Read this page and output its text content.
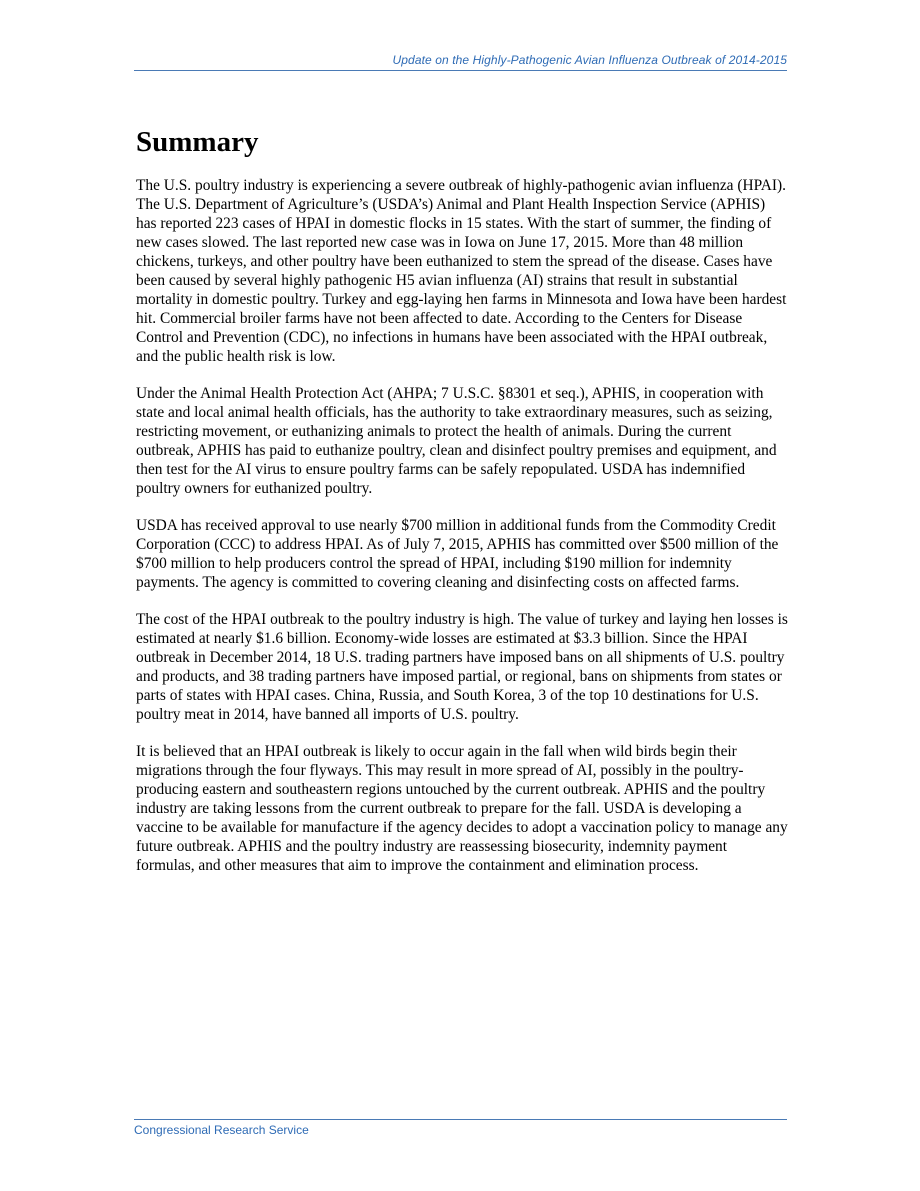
Update on the Highly-Pathogenic Avian Influenza Outbreak of 2014-2015
Summary

The U.S. poultry industry is experiencing a severe outbreak of highly-pathogenic avian influenza (HPAI). The U.S. Department of Agriculture’s (USDA’s) Animal and Plant Health Inspection Service (APHIS) has reported 223 cases of HPAI in domestic flocks in 15 states. With the start of summer, the finding of new cases slowed. The last reported new case was in Iowa on June 17, 2015. More than 48 million chickens, turkeys, and other poultry have been euthanized to stem the spread of the disease. Cases have been caused by several highly pathogenic H5 avian influenza (AI) strains that result in substantial mortality in domestic poultry. Turkey and egg-laying hen farms in Minnesota and Iowa have been hardest hit. Commercial broiler farms have not been affected to date. According to the Centers for Disease Control and Prevention (CDC), no infections in humans have been associated with the HPAI outbreak, and the public health risk is low.

Under the Animal Health Protection Act (AHPA; 7 U.S.C. §8301 et seq.), APHIS, in cooperation with state and local animal health officials, has the authority to take extraordinary measures, such as seizing, restricting movement, or euthanizing animals to protect the health of animals. During the current outbreak, APHIS has paid to euthanize poultry, clean and disinfect poultry premises and equipment, and then test for the AI virus to ensure poultry farms can be safely repopulated. USDA has indemnified poultry owners for euthanized poultry.

USDA has received approval to use nearly $700 million in additional funds from the Commodity Credit Corporation (CCC) to address HPAI. As of July 7, 2015, APHIS has committed over $500 million of the $700 million to help producers control the spread of HPAI, including $190 million for indemnity payments. The agency is committed to covering cleaning and disinfecting costs on affected farms.

The cost of the HPAI outbreak to the poultry industry is high. The value of turkey and laying hen losses is estimated at nearly $1.6 billion. Economy-wide losses are estimated at $3.3 billion. Since the HPAI outbreak in December 2014, 18 U.S. trading partners have imposed bans on all shipments of U.S. poultry and products, and 38 trading partners have imposed partial, or regional, bans on shipments from states or parts of states with HPAI cases. China, Russia, and South Korea, 3 of the top 10 destinations for U.S. poultry meat in 2014, have banned all imports of U.S. poultry.

It is believed that an HPAI outbreak is likely to occur again in the fall when wild birds begin their migrations through the four flyways. This may result in more spread of AI, possibly in the poultry-producing eastern and southeastern regions untouched by the current outbreak. APHIS and the poultry industry are taking lessons from the current outbreak to prepare for the fall. USDA is developing a vaccine to be available for manufacture if the agency decides to adopt a vaccination policy to manage any future outbreak. APHIS and the poultry industry are reassessing biosecurity, indemnity payment formulas, and other measures that aim to improve the containment and elimination process.

Congressional Research Service
